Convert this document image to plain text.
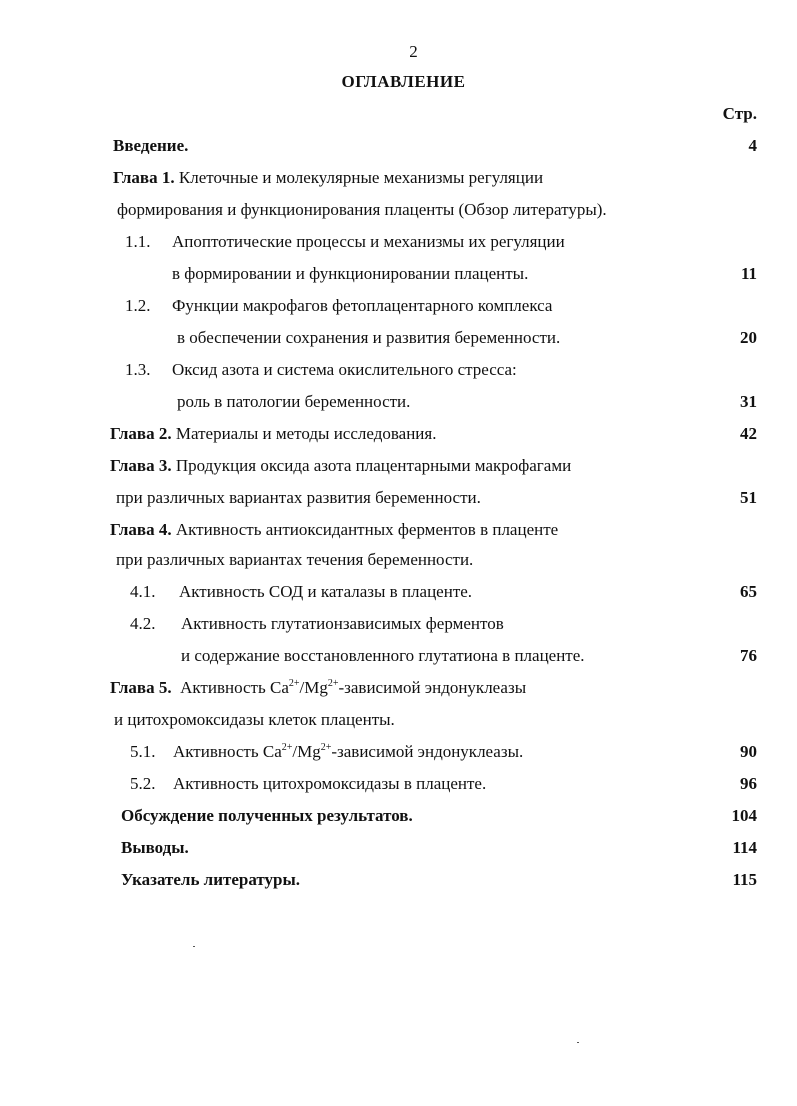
2
ОГЛАВЛЕНИЕ
Стр.
Введение.	4
Глава 1. Клеточные и молекулярные механизмы регуляции
формирования и функционирования плаценты (Обзор литературы).
1.1. Апоптотические процессы и механизмы их регуляции
в формировании и функционировании плаценты.	11
1.2. Функции макрофагов фетоплацентарного комплекса
в обеспечении сохранения и развития беременности.	20
1.3. Оксид азота и система окислительного стресса:
роль в патологии беременности.	31
Глава 2. Материалы и методы исследования.	42
Глава 3. Продукция оксида азота плацентарными макрофагами
при различных вариантах развития беременности.	51
Глава 4. Активность антиоксидантных ферментов в плаценте
при различных вариантах течения беременности.
4.1. Активность СОД и каталазы в плаценте.	65
4.2. Активность глутатионзависимых ферментов
и содержание восстановленного глутатиона в плаценте.	76
Глава 5. Активность $Ca^{2+}/Mg^{2+}$-зависимой эндонуклеазы
и цитохромоксидазы клеток плаценты.
5.1. Активность $Ca^{2+}/Mg^{2+}$-зависимой эндонуклеазы.	90
5.2. Активность цитохромоксидазы в плаценте.	96
Обсуждение полученных результатов.	104
Выводы.	114
Указатель литературы.	115
